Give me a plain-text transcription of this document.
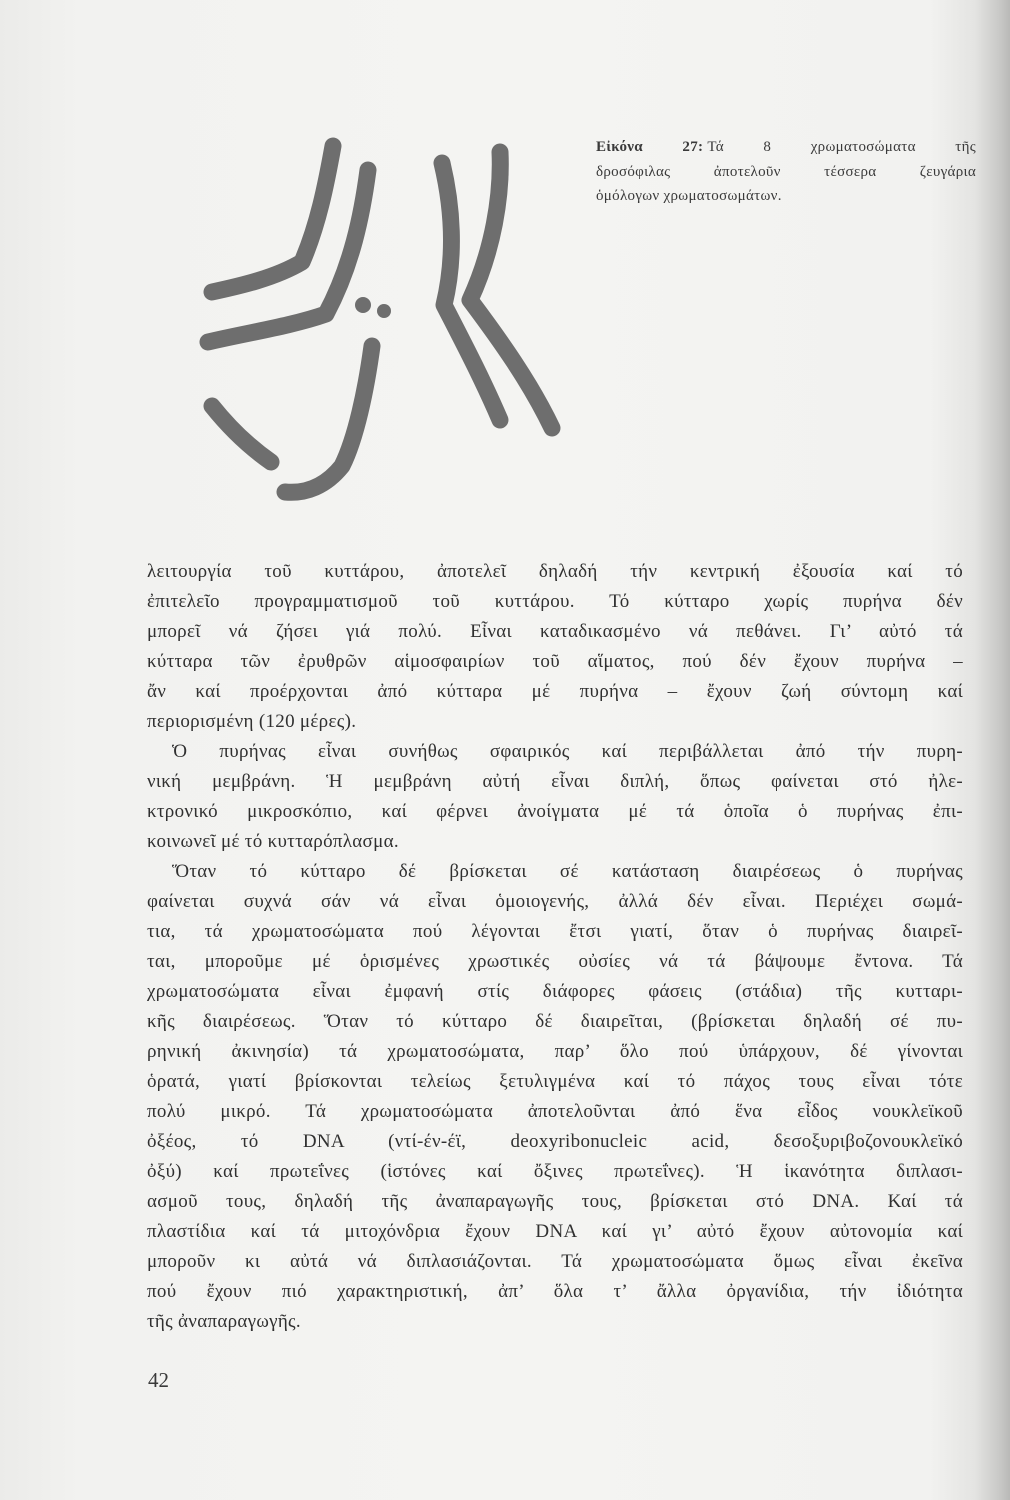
Εἰκόνα 27: Τά 8 χρωματοσώματα τῆς
δροσόφιλας ἀποτελοῦν τέσσερα ζευγάρια
ὁμόλογων χρωματοσωμάτων.
λειτουργία τοῦ κυττάρου, ἀποτελεῖ δηλαδή τήν κεντρική ἐξουσία καί τό
ἐπιτελεῖο προγραμματισμοῦ τοῦ κυττάρου. Τό κύτταρο χωρίς πυρήνα δέν
μπορεῖ νά ζήσει γιά πολύ. Εἶναι καταδικασμένο νά πεθάνει. Γι’ αὐτό τά
κύτταρα τῶν ἐρυθρῶν αἱμοσφαιρίων τοῦ αἵματος, πού δέν ἔχουν πυρήνα –
ἄν καί προέρχονται ἀπό κύτταρα μέ πυρήνα – ἔχουν ζωή σύντομη καί
περιορισμένη (120 μέρες).
Ὁ πυρήνας εἶναι συνήθως σφαιρικός καί περιβάλλεται ἀπό τήν πυρη-
νική μεμβράνη. Ἡ μεμβράνη αὐτή εἶναι διπλή, ὅπως φαίνεται στό ἠλε-
κτρονικό μικροσκόπιο, καί φέρνει ἀνοίγματα μέ τά ὁποῖα ὁ πυρήνας ἐπι-
κοινωνεῖ μέ τό κυτταρόπλασμα.
Ὅταν τό κύτταρο δέ βρίσκεται σέ κατάσταση διαιρέσεως ὁ πυρήνας
φαίνεται συχνά σάν νά εἶναι ὁμοιογενής, ἀλλά δέν εἶναι. Περιέχει σωμά-
τια, τά χρωματοσώματα πού λέγονται ἔτσι γιατί, ὅταν ὁ πυρήνας διαιρεῖ-
ται, μποροῦμε μέ ὁρισμένες χρωστικές οὐσίες νά τά βάψουμε ἔντονα. Τά
χρωματοσώματα εἶναι ἐμφανή στίς διάφορες φάσεις (στάδια) τῆς κυτταρι-
κῆς διαιρέσεως. Ὅταν τό κύτταρο δέ διαιρεῖται, (βρίσκεται δηλαδή σέ πυ-
ρηνική ἀκινησία) τά χρωματοσώματα, παρ’ ὅλο πού ὑπάρχουν, δέ γίνονται
ὁρατά, γιατί βρίσκονται τελείως ξετυλιγμένα καί τό πάχος τους εἶναι τότε
πολύ μικρό. Τά χρωματοσώματα ἀποτελοῦνται ἀπό ἕνα εἶδος νουκλεϊκοῦ
ὀξέος, τό DNA (ντί-έν-έϊ, deoxyribonucleic acid, δεσοξυριβοζονουκλεϊκό
ὀξύ) καί πρωτεΐνες (ἱστόνες καί ὄξινες πρωτεΐνες). Ἡ ἱκανότητα διπλασι-
ασμοῦ τους, δηλαδή τῆς ἀναπαραγωγῆς τους, βρίσκεται στό DNA. Καί τά
πλαστίδια καί τά μιτοχόνδρια ἔχουν DNA καί γι’ αὐτό ἔχουν αὐτονομία καί
μποροῦν κι αὐτά νά διπλασιάζονται. Τά χρωματοσώματα ὅμως εἶναι ἐκεῖνα
πού ἔχουν πιό χαρακτηριστική, ἀπ’ ὅλα τ’ ἄλλα ὀργανίδια, τήν ἰδιότητα
τῆς ἀναπαραγωγῆς.
42
